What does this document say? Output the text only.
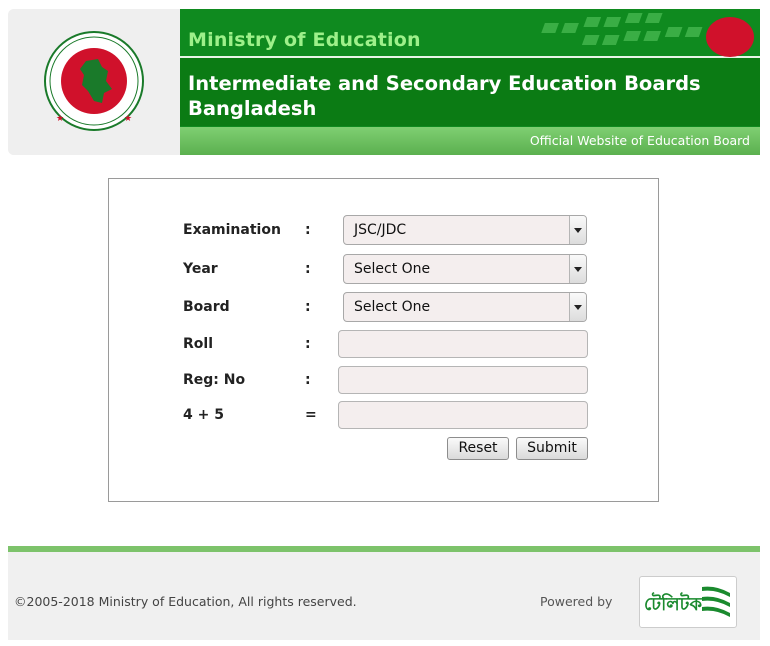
★	★
Ministry of Education
Intermediate and Secondary Education Boards Bangladesh
Official Website of Education Board
Examination :	JSC/JDC
Year	:	Select One
Board	:	Select One
Roll	:
Reg: No	:
4 + 5	=
Reset	Submit
©2005-2018 Ministry of Education, All rights reserved.	Powered by টেলিটক
